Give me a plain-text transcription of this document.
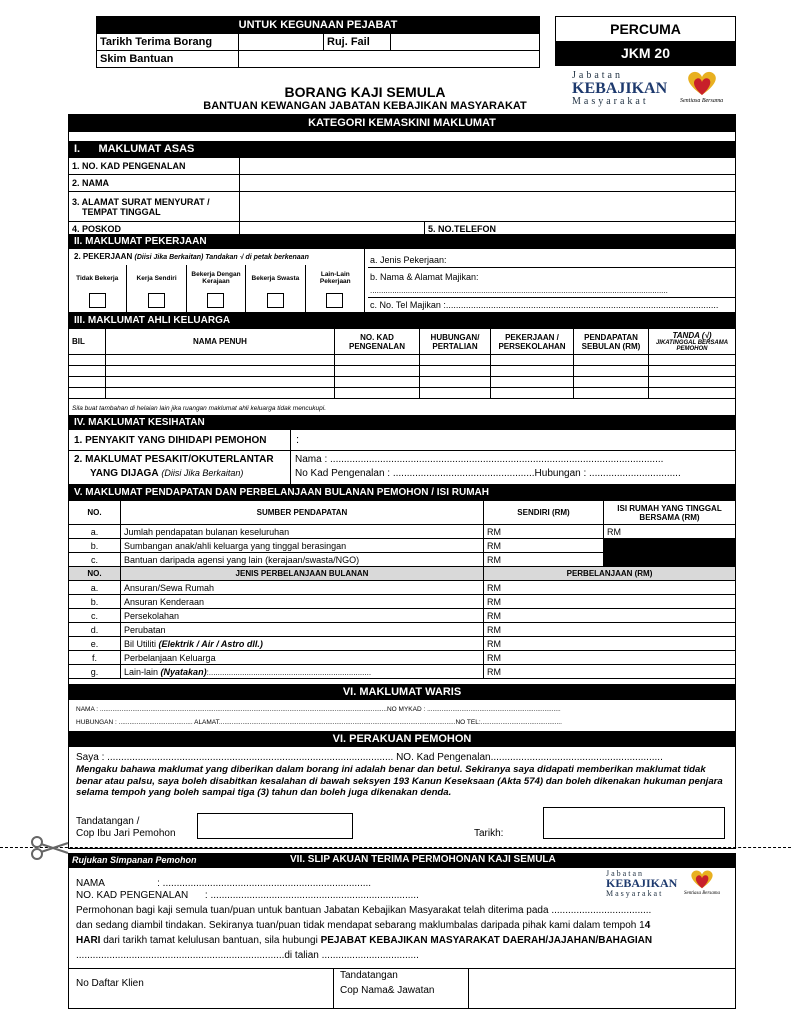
UNTUK KEGUNAAN PEJABAT			
Tarikh Terima Borang		Ruj. Fail	
Skim Bantuan			
PERCUMA
JKM 20
Jabatan
KEBAJIKAN
Masyarakat	Sentiasa Bersama
BORANG KAJI SEMULA
BANTUAN KEWANGAN JABATAN KEBAJIKAN MASYARAKAT
KATEGORI KEMASKINI MAKLUMAT
I.      MAKLUMAT ASAS
1. NO. KAD PENGENALAN			
2. NAMA			

3. ALAMAT SURAT MENYURAT /
TEMPAT TINGGAL			

4. POSKOD		5. NO.TELEFON	
II. MAKLUMAT PEKERJAAN
2. PEKERJAAN (Diisi Jika Berkaitan) Tandakan √ di petak berkenaan
Tidak Bekerja	Kerja Sendiri	Bekerja Dengan Kerajaan	Bekerja Swasta	Lain-Lain Pekerjaan
a. Jenis Pekerjaan:
b. Nama & Alamat Majikan:
......................................................................................................................................
c. No. Tel Majikan :.............................................................................................................
III. MAKLUMAT AHLI KELUARGA
BIL	NAMA PENUH	NO. KAD PENGENALAN	HUBUNGAN/ PERTALIAN	PEKERJAAN / PERSEKOLAHAN	PENDAPATAN SEBULAN (RM)	TANDA (√)
JIKATINGGAL BERSAMA PEMOHON

Sila buat tambahan di helaian lain jika ruangan maklumat ahli keluarga tidak mencukupi.
IV. MAKLUMAT KESIHATAN
1. PENYAKIT YANG DIHIDAPI PEMOHON	:
2. MAKLUMAT PESAKIT/OKUTERLANTAR
YANG DIJAGA (Diisi Jika Berkaitan)
Nama : ........................................................................................................................
No Kad Pengenalan : ...................................................Hubungan : .................................
V. MAKLUMAT PENDAPATAN DAN PERBELANJAAN BULANAN PEMOHON / ISI RUMAH
NO.	SUMBER PENDAPATAN	SENDIRI (RM)	ISI RUMAH YANG TINGGAL BERSAMA (RM)
a.	Jumlah pendapatan bulanan keseluruhan	RM	RM
b.	Sumbangan anak/ahli keluarga yang tinggal berasingan	RM	
c.	Bantuan daripada agensi yang lain (kerajaan/swasta/NGO)	RM	
NO.	JENIS PERBELANJAAN BULANAN	PERBELANJAAN (RM)	
a.	Ansuran/Sewa Rumah	RM	
b.	Ansuran Kenderaan	RM	
c.	Persekolahan	RM	
d.	Perubatan	RM	
e.	Bil Utiliti (Elektrik / Air / Astro dll.)	RM	
f.	Perbelanjaan Keluarga	RM	
g.	Lain-lain (Nyatakan):.........................................................................	RM	
VI. MAKLUMAT WARIS
NAMA : ...............................................................................................................................................................NO MYKAD : ..........................................................................
HUBUNGAN : ......................................... ALAMAT...................................................................................................................................NO TEL:.............................................
VI. PERAKUAN PEMOHON
Saya : ....................................................................................................... NO. Kad Pengenalan..............................................................
Mengaku bahawa maklumat yang diberikan dalam borang ini adalah benar dan betul. Sekiranya saya didapati memberikan maklumat tidak benar atau palsu, saya boleh disabitkan kesalahan di bawah seksyen 193 Kanun Keseksaan (Akta 574) dan boleh dikenakan hukuman penjara selama tempoh yang boleh sampai tiga (3) tahun dan boleh juga dikenakan denda.
Tandatangan /
Cop Ibu Jari Pemohon	Tarikh:
Rujukan Simpanan Pemohon	VII. SLIP AKUAN TERIMA PERMOHONAN KAJI SEMULA
Jabatan
KEBAJIKAN
Masyarakat	Sentiasa Bersama
NAMA                   : ...........................................................................
NO. KAD PENGENALAN      : ...........................................................................
Permohonan bagi kaji semula tuan/puan untuk bantuan Jabatan Kebajikan Masyarakat telah diterima pada ....................................
dan sedang diambil tindakan. Sekiranya tuan/puan tidak mendapat sebarang maklumbalas daripada pihak kami dalam tempoh 14
HARI dari tarikh tamat kelulusan bantuan, sila hubungi PEJABAT KEBAJIKAN MASYARAKAT DAERAH/JAJAHAN/BAHAGIAN
...........................................................................di talian ...................................
No Daftar Klien
Tandatangan
Cop Nama& Jawatan
